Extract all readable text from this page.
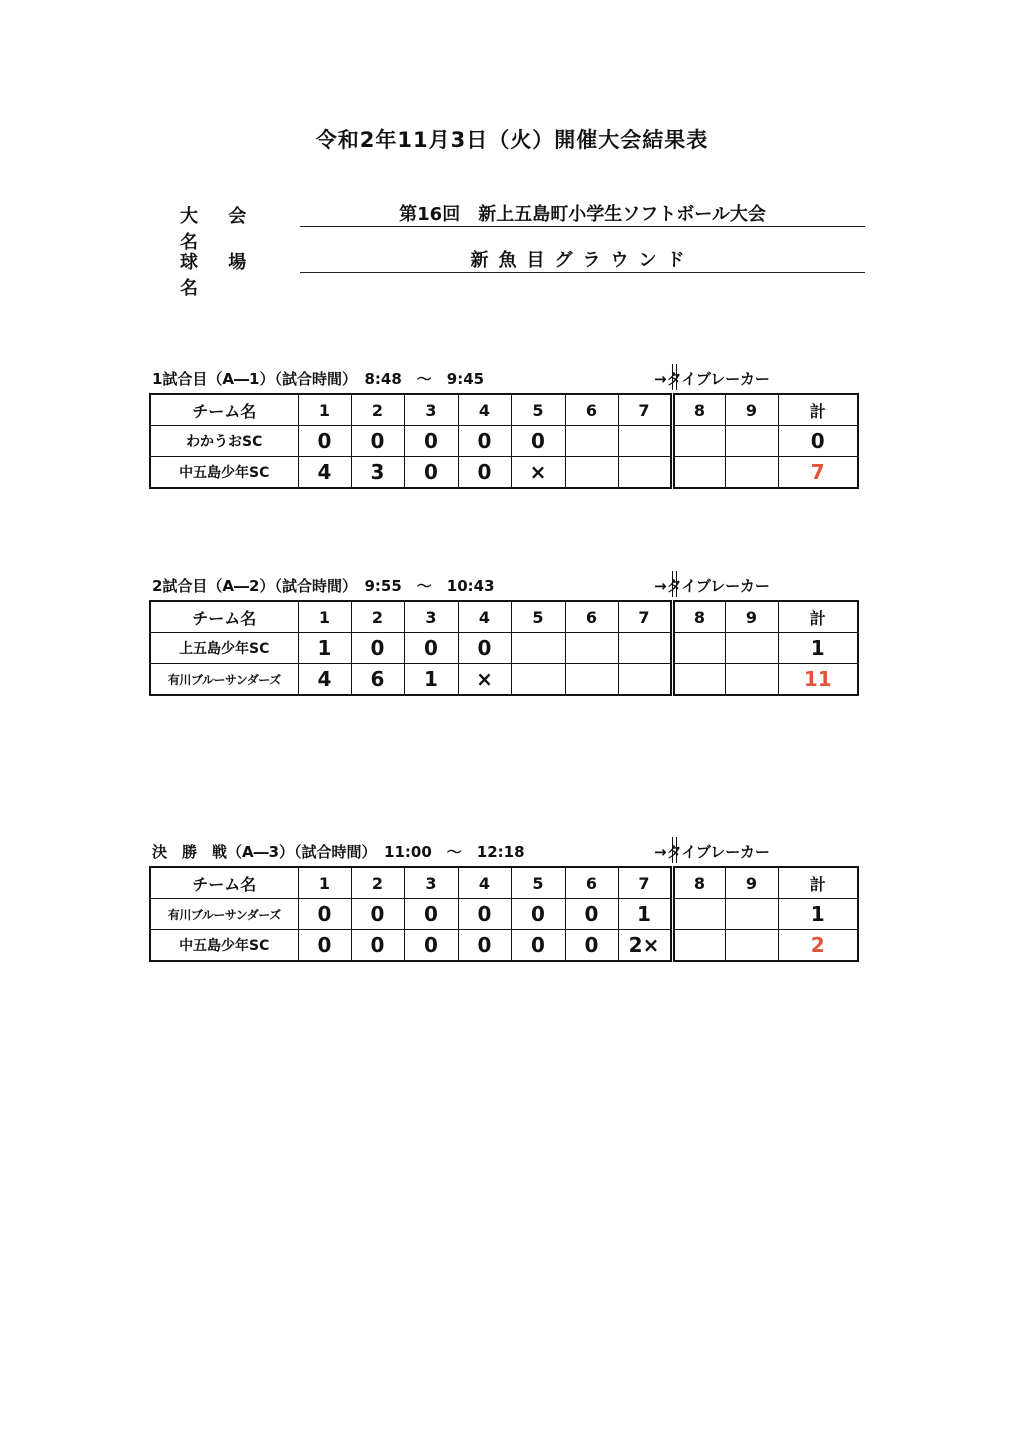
令和2年11月3日（火）開催大会結果表
大 会 名
第16回　新上五島町小学生ソフトボール大会
球 場 名
新魚目グラウンド
1試合目（A―1）（試合時間）　8:48　～　9:45	→タイブレーカー
チーム名	1	2	3	4	5	6	7	8	9	計
わかうおSC	0	0	0	0	0					0
中五島少年SC	4	3	0	0	×					7
2試合目（A―2）（試合時間）　9:55　～　10:43	→タイブレーカー
チーム名	1	2	3	4	5	6	7	8	9	計
上五島少年SC	1	0	0	0						1
有川ブルーサンダーズ	4	6	1	×						11
決　勝　戦（A―3）（試合時間）　11:00　～　12:18	→タイブレーカー
チーム名	1	2	3	4	5	6	7	8	9	計
有川ブルーサンダーズ	0	0	0	0	0	0	1			1
中五島少年SC	0	0	0	0	0	0	2×			2
